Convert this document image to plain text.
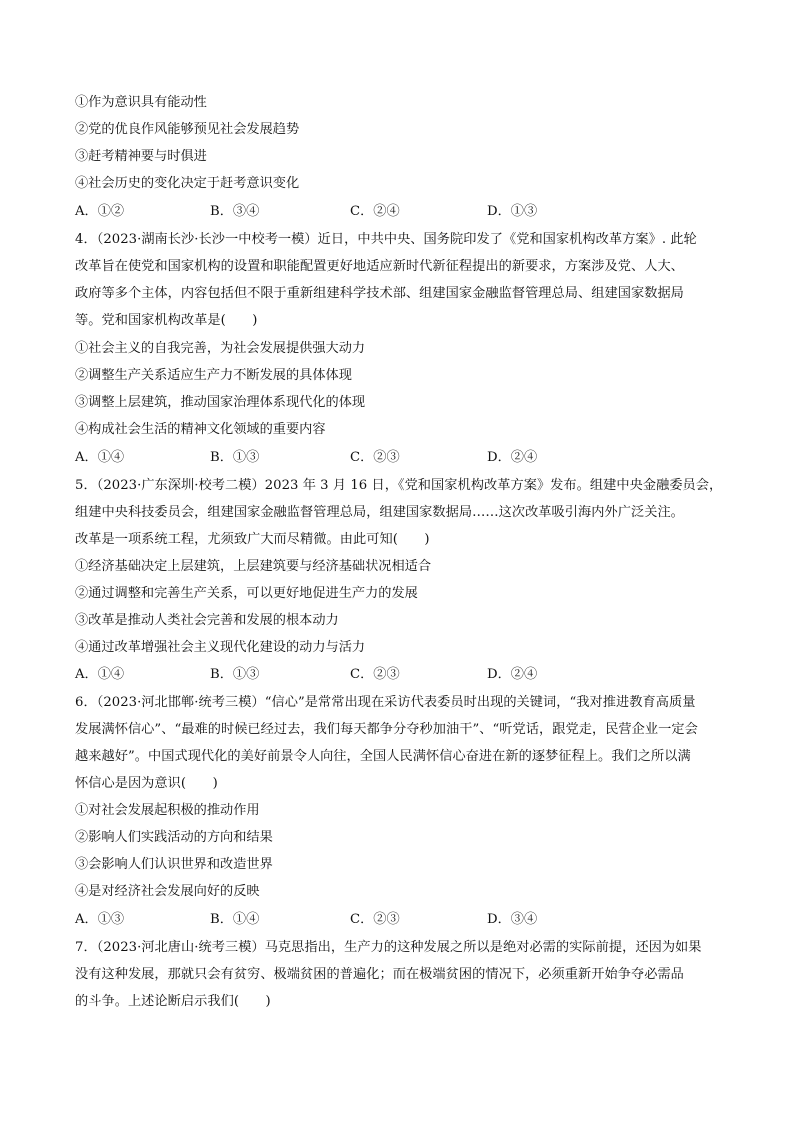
①作为意识具有能动性
②党的优良作风能够预见社会发展趋势
③赶考精神要与时俱进
④社会历史的变化决定于赶考意识变化
A．①②	B．③④	C．②④	D．①③
4．（2023·湖南长沙·长沙一中校考一模）近日，中共中央、国务院印发了《党和国家机构改革方案》. 此轮
改革旨在使党和国家机构的设置和职能配置更好地适应新时代新征程提出的新要求，方案涉及党、人大、
政府等多个主体，内容包括但不限于重新组建科学技术部、组建国家金融监督管理总局、组建国家数据局
等。党和国家机构改革是(　　)
①社会主义的自我完善，为社会发展提供强大动力
②调整生产关系适应生产力不断发展的具体体现
③调整上层建筑，推动国家治理体系现代化的体现
④构成社会生活的精神文化领域的重要内容
A．①④	B．①③	C．②③	D．②④
5．（2023·广东深圳·校考二模）2023 年 3 月 16 日，《党和国家机构改革方案》发布。组建中央金融委员会，
组建中央科技委员会，组建国家金融监督管理总局，组建国家数据局……这次改革吸引海内外广泛关注。
改革是一项系统工程，尤须致广大而尽精微。由此可知(　　)
①经济基础决定上层建筑，上层建筑要与经济基础状况相适合
②通过调整和完善生产关系，可以更好地促进生产力的发展
③改革是推动人类社会完善和发展的根本动力
④通过改革增强社会主义现代化建设的动力与活力
A．①④	B．①③	C．②③	D．②④
6．（2023·河北邯郸·统考三模）“信心”是常常出现在采访代表委员时出现的关键词，“我对推进教育高质量
发展满怀信心”、“最难的时候已经过去，我们每天都争分夺秒加油干”、“听党话，跟党走，民营企业一定会
越来越好”。中国式现代化的美好前景令人向往，全国人民满怀信心奋进在新的逐梦征程上。我们之所以满
怀信心是因为意识(　　)
①对社会发展起积极的推动作用
②影响人们实践活动的方向和结果
③会影响人们认识世界和改造世界
④是对经济社会发展向好的反映
A．①③	B．①④	C．②③	D．③④
7．（2023·河北唐山·统考三模）马克思指出，生产力的这种发展之所以是绝对必需的实际前提，还因为如果
没有这种发展，那就只会有贫穷、极端贫困的普遍化；而在极端贫困的情况下，必须重新开始争夺必需品
的斗争。上述论断启示我们(　　)
